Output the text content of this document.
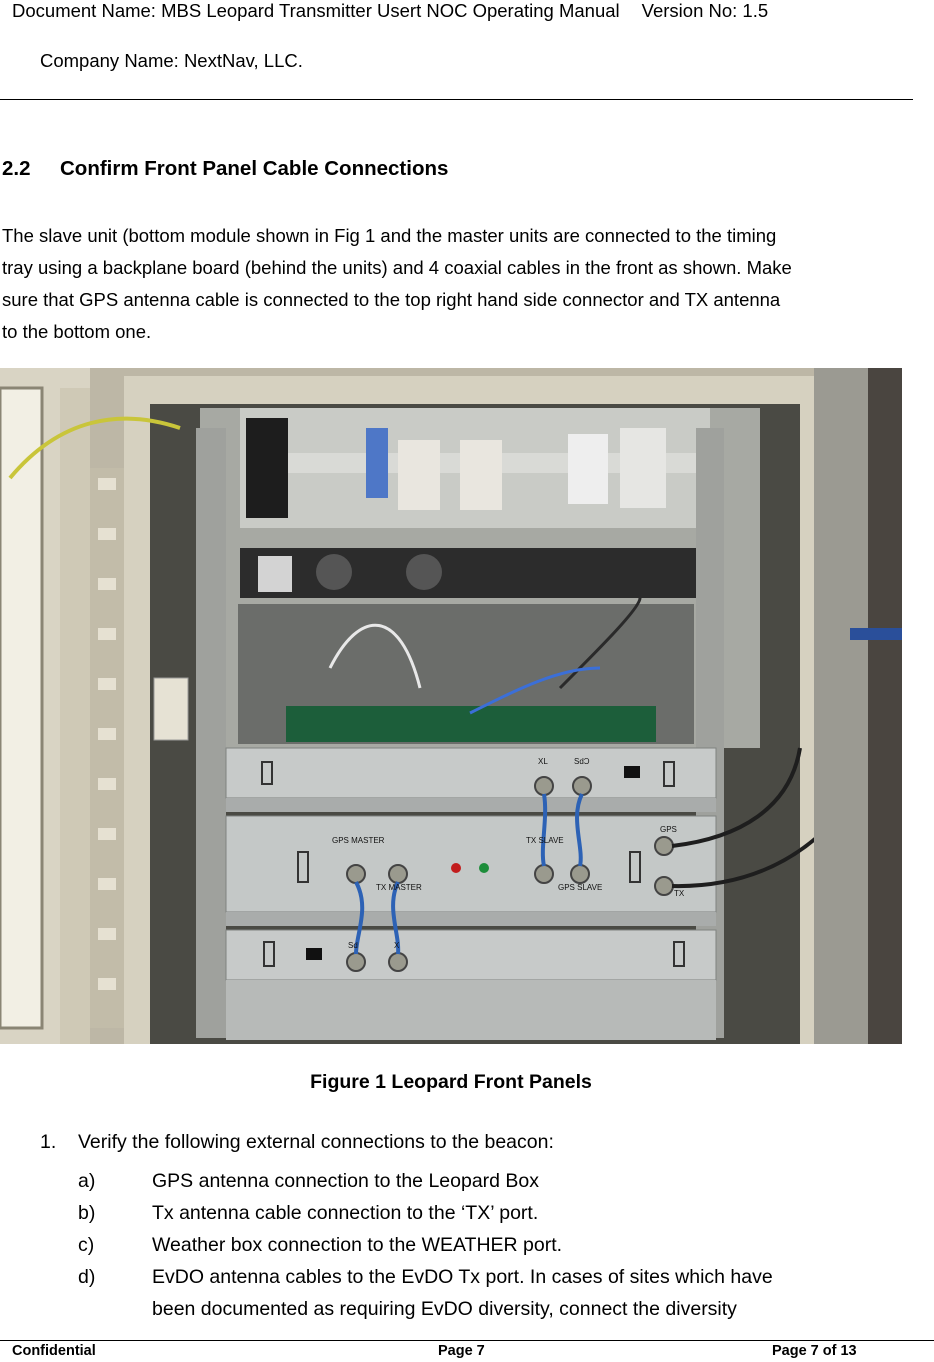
Document Name: MBS Leopard Transmitter Usert NOC Operating Manual Version No: 1.5
Company Name: NextNav, LLC.
2.2 Confirm Front Panel Cable Connections
The slave unit (bottom module shown in Fig 1 and the master units are connected to the timing
tray using a backplane board (behind the units) and 4 coaxial cables in the front as shown. Make
sure that GPS antenna cable is connected to the top right hand side connector and TX antenna
to the bottom one.
GPS MASTER
TX MASTER
TX SLAVE
GPS SLAVE
GPS
TX
XL	SdƆ
Sd	X
Figure 1 Leopard Front Panels
1. Verify the following external connections to the beacon:
a)	GPS antenna connection to the Leopard Box
b)	Tx antenna cable connection to the ‘TX’ port.
c)	Weather box connection to the WEATHER port.
d)	EvDO antenna cables to the EvDO Tx port. In cases of sites which have
been documented as requiring EvDO diversity, connect the diversity
Confidential	Page 7	Page 7 of 13
